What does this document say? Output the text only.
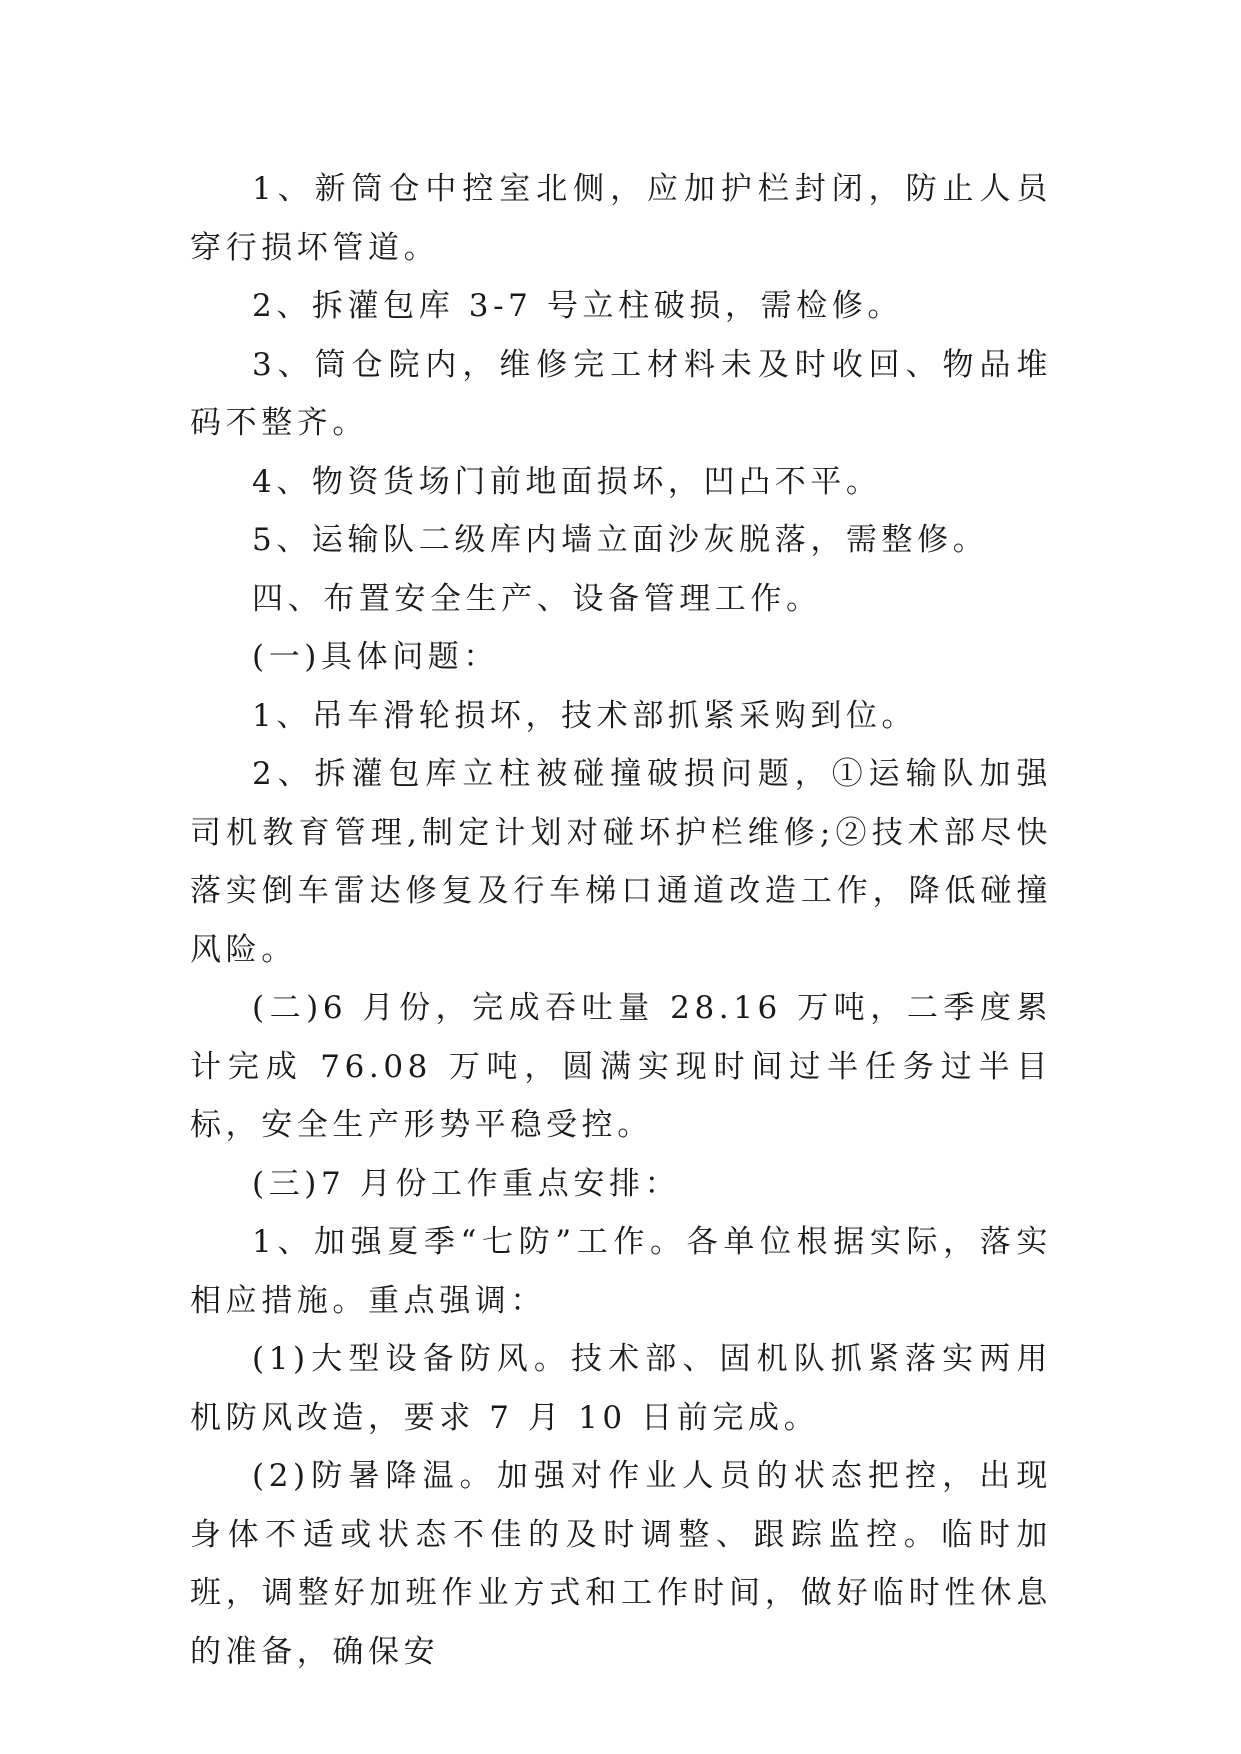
1、新筒仓中控室北侧，应加护栏封闭，防止人员穿行损坏管道。

2、拆灌包库 3-7 号立柱破损，需检修。

3、筒仓院内，维修完工材料未及时收回、物品堆码不整齐。

4、物资货场门前地面损坏，凹凸不平。

5、运输队二级库内墙立面沙灰脱落，需整修。

四、布置安全生产、设备管理工作。

(一)具体问题：

1、吊车滑轮损坏，技术部抓紧采购到位。

2、拆灌包库立柱被碰撞破损问题，①运输队加强司机教育管理,制定计划对碰坏护栏维修;②技术部尽快落实倒车雷达修复及行车梯口通道改造工作，降低碰撞风险。

(二)6 月份，完成吞吐量 28.16 万吨，二季度累计完成 76.08 万吨，圆满实现时间过半任务过半目标，安全生产形势平稳受控。

(三)7 月份工作重点安排：

1、加强夏季“七防”工作。各单位根据实际，落实相应措施。重点强调：

(1)大型设备防风。技术部、固机队抓紧落实两用机防风改造，要求 7 月 10 日前完成。

(2)防暑降温。加强对作业人员的状态把控，出现身体不适或状态不佳的及时调整、跟踪监控。临时加班，调整好加班作业方式和工作时间，做好临时性休息的准备，确保安
